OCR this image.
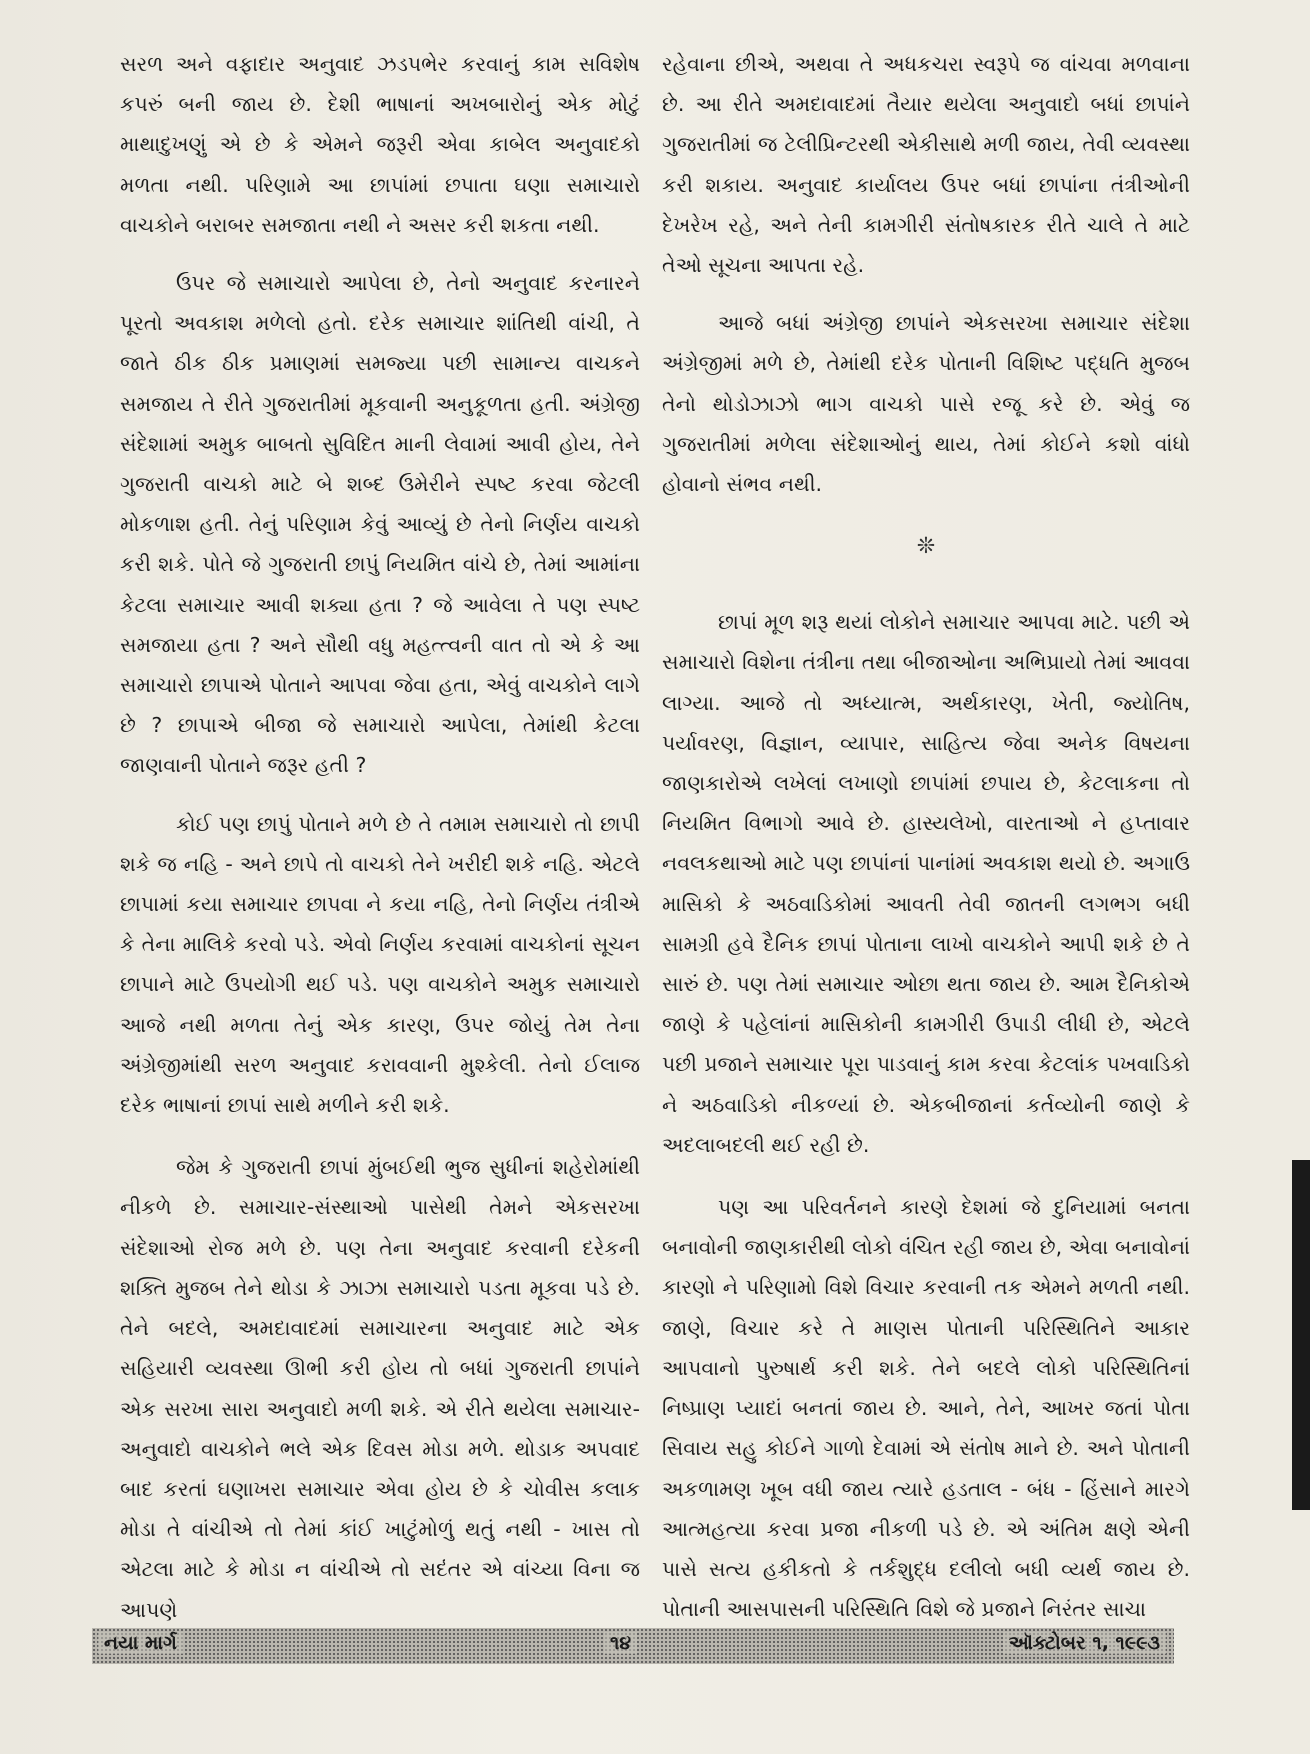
સરળ અને વફાદાર અનુવાદ ઝડપભેર કરવાનું કામ સવિશેષ કપરું બની જાય છે. દેશી ભાષાનાં અખબારોનું એક મોટું માથાદુખણું એ છે કે એમને જરૂરી એવા કાબેલ અનુવાદકો મળતા નથી. પરિણામે આ છાપાંમાં છપાતા ઘણા સમાચારો વાચકોને બરાબર સમજાતા નથી ને અસર કરી શકતા નથી.

ઉપર જે સમાચારો આપેલા છે, તેનો અનુવાદ કરનારને પૂરતો અવકાશ મળેલો હતો. દરેક સમાચાર શાંતિથી વાંચી, તે જાતે ઠીક ઠીક પ્રમાણમાં સમજ્યા પછી સામાન્ય વાચકને સમજાય તે રીતે ગુજરાતીમાં મૂકવાની અનુકૂળતા હતી. અંગ્રેજી સંદેશામાં અમુક બાબતો સુવિદિત માની લેવામાં આવી હોય, તેને ગુજરાતી વાચકો માટે બે શબ્દ ઉમેરીને સ્પષ્ટ કરવા જેટલી મોકળાશ હતી. તેનું પરિણામ કેવું આવ્યું છે તેનો નિર્ણય વાચકો કરી શકે. પોતે જે ગુજરાતી છાપું નિયમિત વાંચે છે, તેમાં આમાંના કેટલા સમાચાર આવી શક્યા હતા ? જે આવેલા તે પણ સ્પષ્ટ સમજાયા હતા ? અને સૌથી વધુ મહત્ત્વની વાત તો એ કે આ સમાચારો છાપાએ પોતાને આપવા જેવા હતા, એવું વાચકોને લાગે છે ? છાપાએ બીજા જે સમાચારો આપેલા, તેમાંથી કેટલા જાણવાની પોતાને જરૂર હતી ?

કોઈ પણ છાપું પોતાને મળે છે તે તમામ સમાચારો તો છાપી શકે જ નહિ - અને છાપે તો વાચકો તેને ખરીદી શકે નહિ. એટલે છાપામાં કયા સમાચાર છાપવા ને કયા નહિ, તેનો નિર્ણય તંત્રીએ કે તેના માલિકે કરવો પડે. એવો નિર્ણય કરવામાં વાચકોનાં સૂચન છાપાને માટે ઉપયોગી થઈ પડે. પણ વાચકોને અમુક સમાચારો આજે નથી મળતા તેનું એક કારણ, ઉપર જોયું તેમ તેના અંગ્રેજીમાંથી સરળ અનુવાદ કરાવવાની મુશ્કેલી. તેનો ઈલાજ દરેક ભાષાનાં છાપાં સાથે મળીને કરી શકે.

જેમ કે ગુજરાતી છાપાં મુંબઈથી ભુજ સુધીનાં શહેરોમાંથી નીકળે છે. સમાચાર-સંસ્થાઓ પાસેથી તેમને એકસરખા સંદેશાઓ રોજ મળે છે. પણ તેના અનુવાદ કરવાની દરેકની શક્તિ મુજબ તેને થોડા કે ઝાઝા સમાચારો પડતા મૂકવા પડે છે. તેને બદલે, અમદાવાદમાં સમાચારના અનુવાદ માટે એક સહિયારી વ્યવસ્થા ઊભી કરી હોય તો બધાં ગુજરાતી છાપાંને એક સરખા સારા અનુવાદો મળી શકે. એ રીતે થયેલા સમાચાર-અનુવાદો વાચકોને ભલે એક દિવસ મોડા મળે. થોડાક અપવાદ બાદ કરતાં ઘણાખરા સમાચાર એવા હોય છે કે ચોવીસ કલાક મોડા તે વાંચીએ તો તેમાં કાંઈ ખાટુંમોળું થતું નથી - ખાસ તો એટલા માટે કે મોડા ન વાંચીએ તો સદંતર એ વાંચ્યા વિના જ આપણે

રહેવાના છીએ, અથવા તે અધકચરા સ્વરૂપે જ વાંચવા મળવાના છે. આ રીતે અમદાવાદમાં તૈયાર થયેલા અનુવાદો બધાં છાપાંને ગુજરાતીમાં જ ટેલીપ્રિન્ટરથી એકીસાથે મળી જાય, તેવી વ્યવસ્થા કરી શકાય. અનુવાદ કાર્યાલય ઉપર બધાં છાપાંના તંત્રીઓની દેખરેખ રહે, અને તેની કામગીરી સંતોષકારક રીતે ચાલે તે માટે તેઓ સૂચના આપતા રહે.

આજે બધાં અંગ્રેજી છાપાંને એકસરખા સમાચાર સંદેશા અંગ્રેજીમાં મળે છે, તેમાંથી દરેક પોતાની વિશિષ્ટ પદ્ધતિ મુજબ તેનો થોડોઝાઝો ભાગ વાચકો પાસે રજૂ કરે છે. એવું જ ગુજરાતીમાં મળેલા સંદેશાઓનું થાય, તેમાં કોઈને કશો વાંધો હોવાનો સંભવ નથી.

❊

છાપાં મૂળ શરૂ થયાં લોકોને સમાચાર આપવા માટે. પછી એ સમાચારો વિશેના તંત્રીના તથા બીજાઓના અભિપ્રાયો તેમાં આવવા લાગ્યા. આજે તો અધ્યાત્મ, અર્થકારણ, ખેતી, જ્યોતિષ, પર્યાવરણ, વિજ્ઞાન, વ્યાપાર, સાહિત્ય જેવા અનેક વિષયના જાણકારોએ લખેલાં લખાણો છાપાંમાં છપાય છે, કેટલાકના તો નિયમિત વિભાગો આવે છે. હાસ્યલેખો, વારતાઓ ને હપ્તાવાર નવલકથાઓ માટે પણ છાપાંનાં પાનાંમાં અવકાશ થયો છે. અગાઉ માસિકો કે અઠવાડિકોમાં આવતી તેવી જાતની લગભગ બધી સામગ્રી હવે દૈનિક છાપાં પોતાના લાખો વાચકોને આપી શકે છે તે સારું છે. પણ તેમાં સમાચાર ઓછા થતા જાય છે. આમ દૈનિકોએ જાણે કે પહેલાંનાં માસિકોની કામગીરી ઉપાડી લીધી છે, એટલે પછી પ્રજાને સમાચાર પૂરા પાડવાનું કામ કરવા કેટલાંક પખવાડિકો ને અઠવાડિકો નીકળ્યાં છે. એકબીજાનાં કર્તવ્યોની જાણે કે અદલાબદલી થઈ રહી છે.

પણ આ પરિવર્તનને કારણે દેશમાં જે દુનિયામાં બનતા બનાવોની જાણકારીથી લોકો વંચિત રહી જાય છે, એવા બનાવોનાં કારણો ને પરિણામો વિશે વિચાર કરવાની તક એમને મળતી નથી. જાણે, વિચાર કરે તે માણસ પોતાની પરિસ્થિતિને આકાર આપવાનો પુરુષાર્થ કરી શકે. તેને બદલે લોકો પરિસ્થિતિનાં નિષ્પ્રાણ પ્યાદાં બનતાં જાય છે. આને, તેને, આખર જતાં પોતા સિવાય સહુ કોઈને ગાળો દેવામાં એ સંતોષ માને છે. અને પોતાની અકળામણ ખૂબ વધી જાય ત્યારે હડતાલ - બંધ - હિંસાને મારગે આત્મહત્યા કરવા પ્રજા નીકળી પડે છે. એ અંતિમ ક્ષણે એની પાસે સત્ય હકીકતો કે તર્કશુદ્ધ દલીલો બધી વ્યર્થ જાય છે. પોતાની આસપાસની પરિસ્થિતિ વિશે જે પ્રજાને નિરંતર સાચા

નયા માર્ગ	૧૪	ઑક્ટોબર ૧, ૧૯૯૩
